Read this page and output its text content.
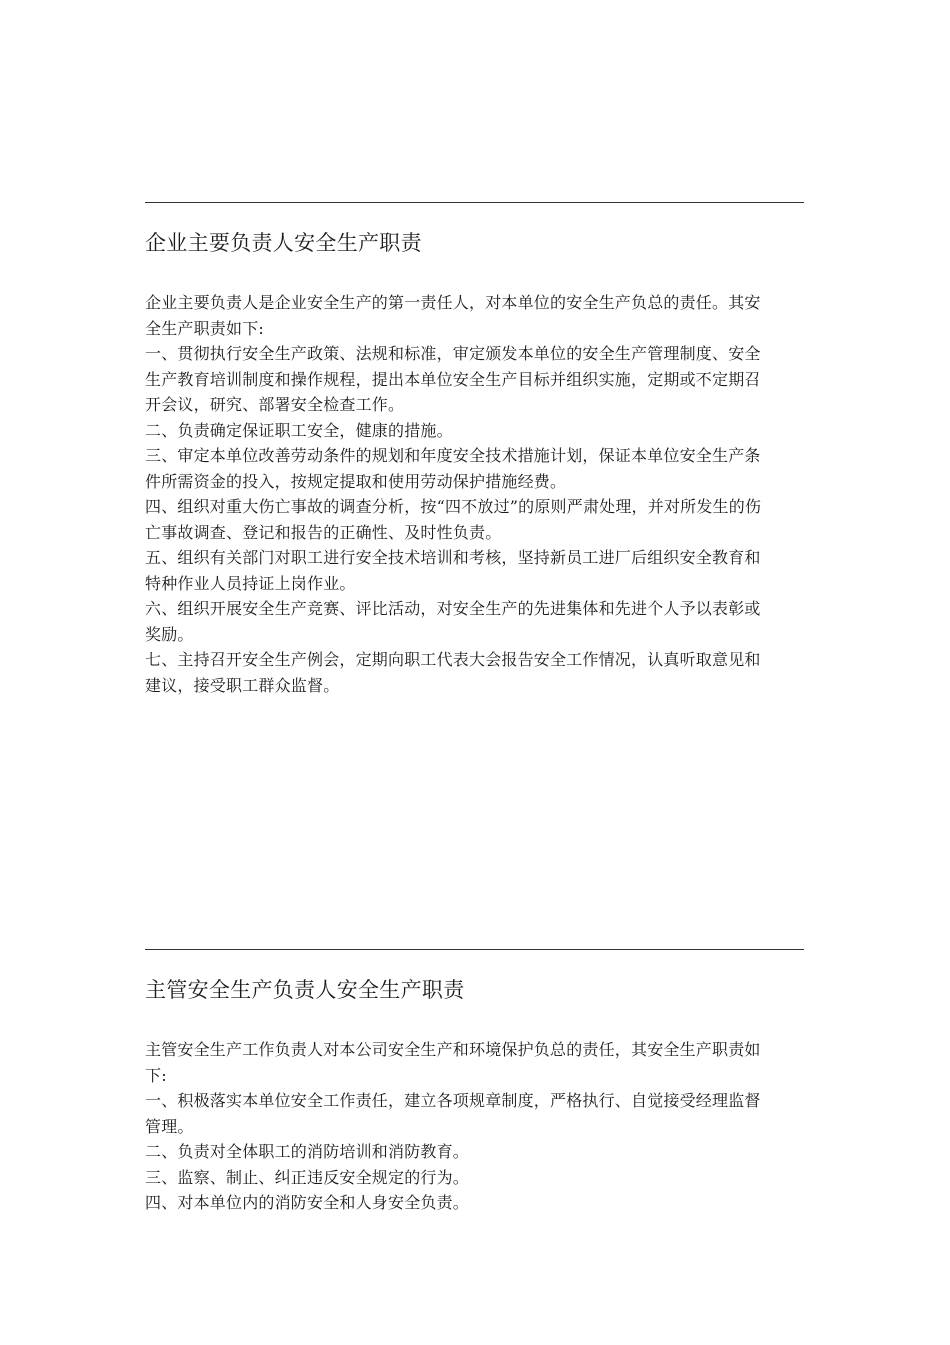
企业主要负责人安全生产职责

企业主要负责人是企业安全生产的第一责任人，对本单位的安全生产负总的责任。其安全生产职责如下:

一、贯彻执行安全生产政策、法规和标准，审定颁发本单位的安全生产管理制度、安全生产教育培训制度和操作规程，提出本单位安全生产目标并组织实施，定期或不定期召开会议，研究、部署安全检查工作。

二、负责确定保证职工安全，健康的措施。

三、审定本单位改善劳动条件的规划和年度安全技术措施计划，保证本单位安全生产条件所需资金的投入，按规定提取和使用劳动保护措施经费。

四、组织对重大伤亡事故的调查分析，按“四不放过”的原则严肃处理，并对所发生的伤亡事故调查、登记和报告的正确性、及时性负责。

五、组织有关部门对职工进行安全技术培训和考核，坚持新员工进厂后组织安全教育和特种作业人员持证上岗作业。

六、组织开展安全生产竞赛、评比活动，对安全生产的先进集体和先进个人予以表彰或奖励。

七、主持召开安全生产例会，定期向职工代表大会报告安全工作情况，认真听取意见和建议，接受职工群众监督。

主管安全生产负责人安全生产职责

主管安全生产工作负责人对本公司安全生产和环境保护负总的责任，其安全生产职责如下:

一、积极落实本单位安全工作责任，建立各项规章制度，严格执行、自觉接受经理监督管理。

二、负责对全体职工的消防培训和消防教育。

三、监察、制止、纠正违反安全规定的行为。

四、对本单位内的消防安全和人身安全负责。
